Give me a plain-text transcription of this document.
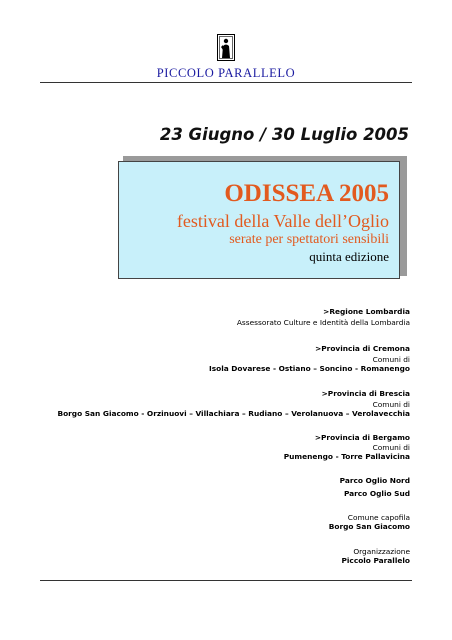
PICCOLO PARALLELO
23 Giugno / 30 Luglio 2005
ODISSEA 2005
festival della Valle dell’Oglio
serate per spettatori sensibili
quinta edizione
>Regione Lombardia
Assessorato Culture e Identità della Lombardia
>Provincia di Cremona
Comuni di
Isola Dovarese - Ostiano – Soncino - Romanengo
>Provincia di Brescia
Comuni di
Borgo San Giacomo - Orzinuovi – Villachiara – Rudiano – Verolanuova – Verolavecchia
>Provincia di Bergamo
Comuni di
Pumenengo - Torre Pallavicina
Parco Oglio Nord
Parco Oglio Sud
Comune capofila
Borgo San Giacomo
Organizzazione
Piccolo Parallelo
